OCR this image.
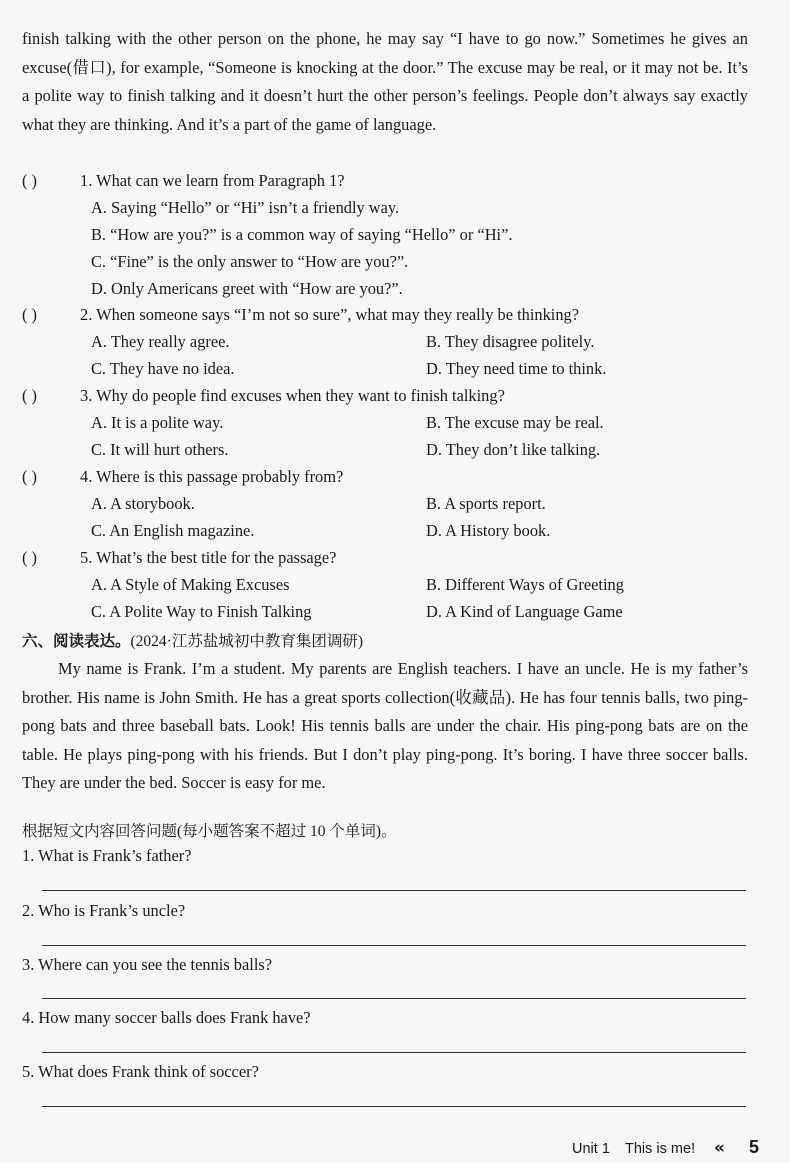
finish talking with the other person on the phone, he may say “I have to go now.” Sometimes he gives an excuse(借口), for example, “Someone is knocking at the door.” The excuse may be real, or it may not be. It’s a polite way to finish talking and it doesn’t hurt the other person’s feelings. People don’t always say exactly what they are thinking. And it’s a part of the game of language.
( )	1. What can we learn from Paragraph 1?
A. Saying “Hello” or “Hi” isn’t a friendly way.
B. “How are you?” is a common way of saying “Hello” or “Hi”.
C. “Fine” is the only answer to “How are you?”.
D. Only Americans greet with “How are you?”.
( )	2. When someone says “I’m not so sure”, what may they really be thinking?
A. They really agree.	B. They disagree politely.
C. They have no idea.	D. They need time to think.
( )	3. Why do people find excuses when they want to finish talking?
A. It is a polite way.	B. The excuse may be real.
C. It will hurt others.	D. They don’t like talking.
( )	4. Where is this passage probably from?
A. A storybook.	B. A sports report.
C. An English magazine.	D. A History book.
( )	5. What’s the best title for the passage?
A. A Style of Making Excuses	B. Different Ways of Greeting
C. A Polite Way to Finish Talking	D. A Kind of Language Game
六、阅读表达。(2024·江苏盐城初中教育集团调研)
My name is Frank. I’m a student. My parents are English teachers. I have an uncle. He is my father’s brother. His name is John Smith. He has a great sports collection(收藏品). He has four tennis balls, two ping-pong bats and three baseball bats. Look! His tennis balls are under the chair. His ping-pong bats are on the table. He plays ping-pong with his friends. But I don’t play ping-pong. It’s boring. I have three soccer balls. They are under the bed. Soccer is easy for me.
根据短文内容回答问题(每小题答案不超过 10 个单词)。
1. What is Frank’s father?
2. Who is Frank’s uncle?
3. Where can you see the tennis balls?
4. How many soccer balls does Frank have?
5. What does Frank think of soccer?
Unit 1 This is me! « 5
